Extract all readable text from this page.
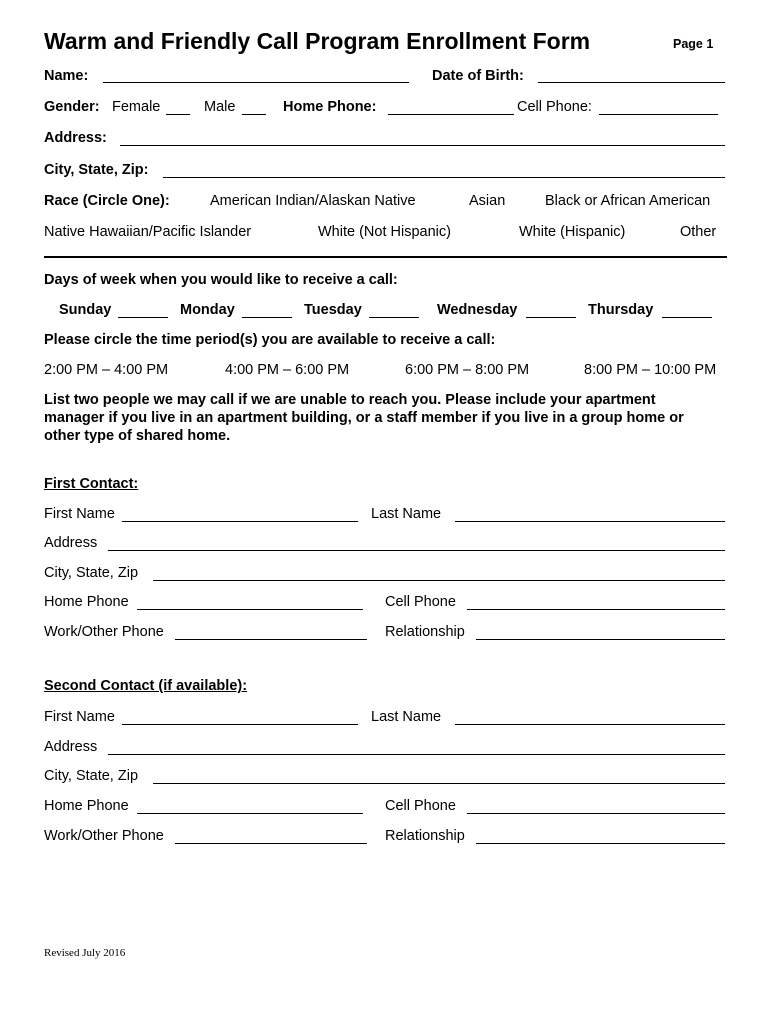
Warm and Friendly Call Program Enrollment Form	Page 1
Name:	Date of Birth:
Gender: Female	Male	Home Phone:	Cell Phone:
Address:
City, State, Zip:
Race (Circle One):	American Indian/Alaskan Native	Asian	Black or African American
Native Hawaiian/Pacific Islander	White (Not Hispanic)	White (Hispanic)	Other
Days of week when you would like to receive a call:
Sunday	Monday	Tuesday	Wednesday	Thursday
Please circle the time period(s) you are available to receive a call:
2:00 PM – 4:00 PM	4:00 PM – 6:00 PM	6:00 PM – 8:00 PM	8:00 PM – 10:00 PM
List two people we may call if we are unable to reach you. Please include your apartment
manager if you live in an apartment building, or a staff member if you live in a group home or
other type of shared home.
First Contact:
First Name	Last Name
Address
City, State, Zip
Home Phone	Cell Phone
Work/Other Phone	Relationship
Second Contact (if available):
First Name	Last Name
Address
City, State, Zip
Home Phone	Cell Phone
Work/Other Phone	Relationship
Revised July 2016
